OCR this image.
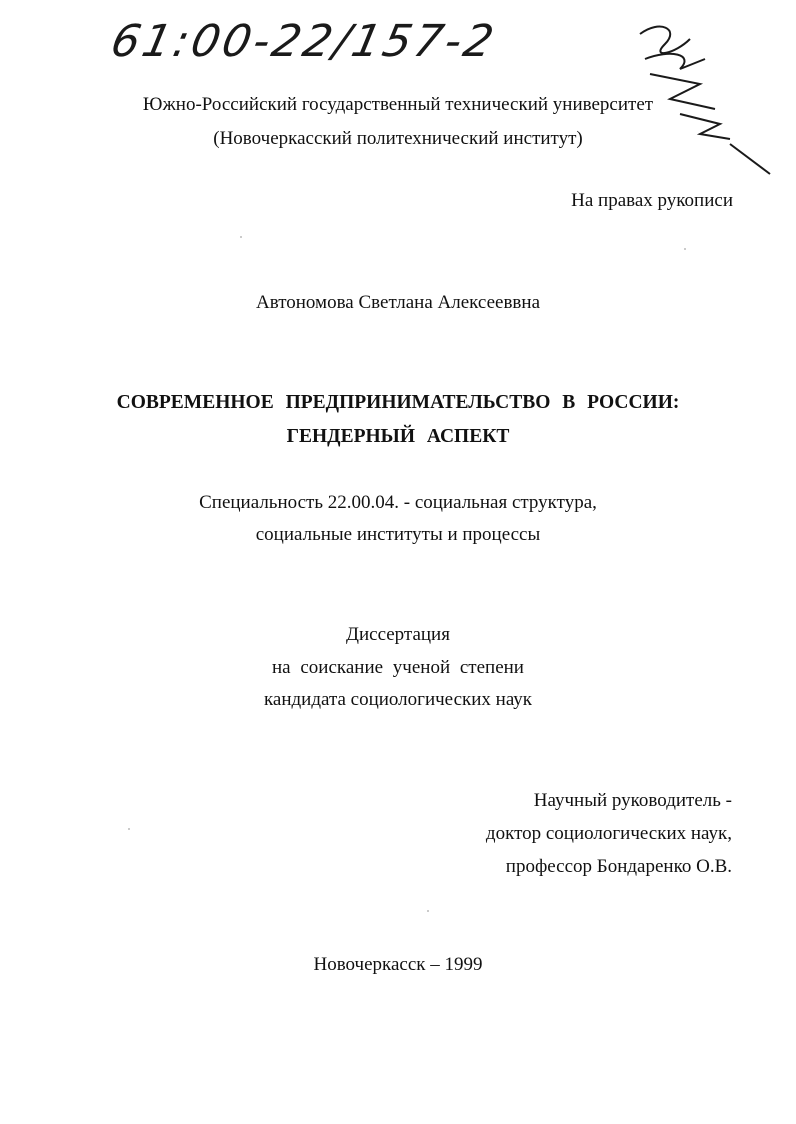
61:00-22/157-2
Южно-Российский государственный технический университет
(Новочеркасский политехнический институт)
На правах рукописи
Автономова Светлана Алексееввна
СОВРЕМЕННОЕ ПРЕДПРИНИМАТЕЛЬСТВО В РОССИИ:
ГЕНДЕРНЫЙ АСПЕКТ
Специальность 22.00.04. - социальная структура,
социальные институты и процессы
Диссертация
на соискание ученой степени
кандидата социологических наук
Научный руководитель -
доктор социологических наук,
профессор Бондаренко О.В.
Новочеркасск – 1999
